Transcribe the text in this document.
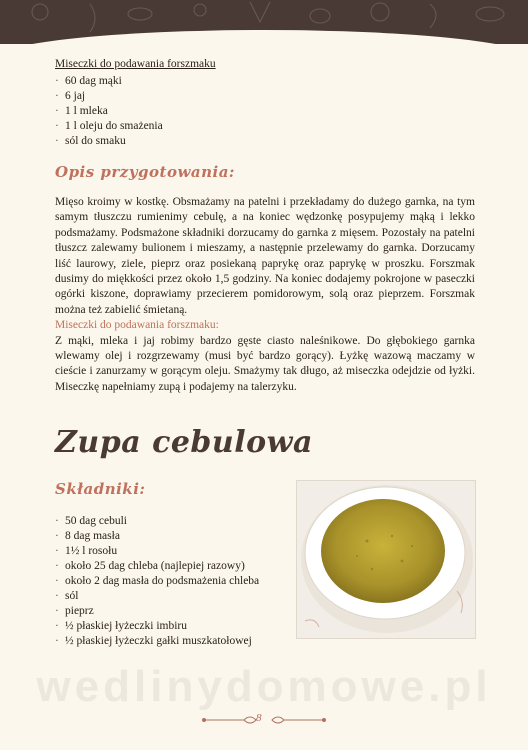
Miseczki do podawania forszmaku
· 60 dag mąki
· 6 jaj
· 1 l mleka
· 1 l oleju do smażenia
· sól do smaku
Opis przygotowania:

Mięso kroimy w kostkę. Obsmażamy na patelni i przekładamy do dużego garnka, na tym samym tłuszczu rumienimy cebulę, a na koniec wędzonkę posypujemy mąką i lekko podsmażamy. Podsmażone składniki dorzucamy do garnka z mięsem. Pozostały na patelni tłuszcz zalewamy bulionem i mieszamy, a następnie przelewamy do garnka. Dorzucamy liść laurowy, ziele, pieprz oraz posiekaną paprykę oraz paprykę w proszku. Forszmak dusimy do miękkości przez około 1,5 godziny. Na koniec dodajemy pokrojone w paseczki ogórki kiszone, doprawiamy przecierem pomidorowym, solą oraz pieprzem. Forszmak można też zabielić śmietaną.

Miseczki do podawania forszmaku:

Z mąki, mleka i jaj robimy bardzo gęste ciasto naleśnikowe. Do głębokiego garnka wlewamy olej i rozgrzewamy (musi być bardzo gorący). Łyżkę wazową maczamy w cieście i zanurzamy w gorącym oleju. Smażymy tak długo, aż miseczka odejdzie od łyżki. Miseczkę napełniamy zupą i podajemy na talerzyku.

Zupa cebulowa
Składniki:
· 50 dag cebuli
· 8 dag masła
· 1½ l rosołu
· około 25 dag chleba (najlepiej razowy)
· około 2 dag masła do podsmażenia chleba
· sól
· pieprz
· ½ płaskiej łyżeczki imbiru
· ½ płaskiej łyżeczki gałki muszkatołowej
wedlinydomowe.pl
8
